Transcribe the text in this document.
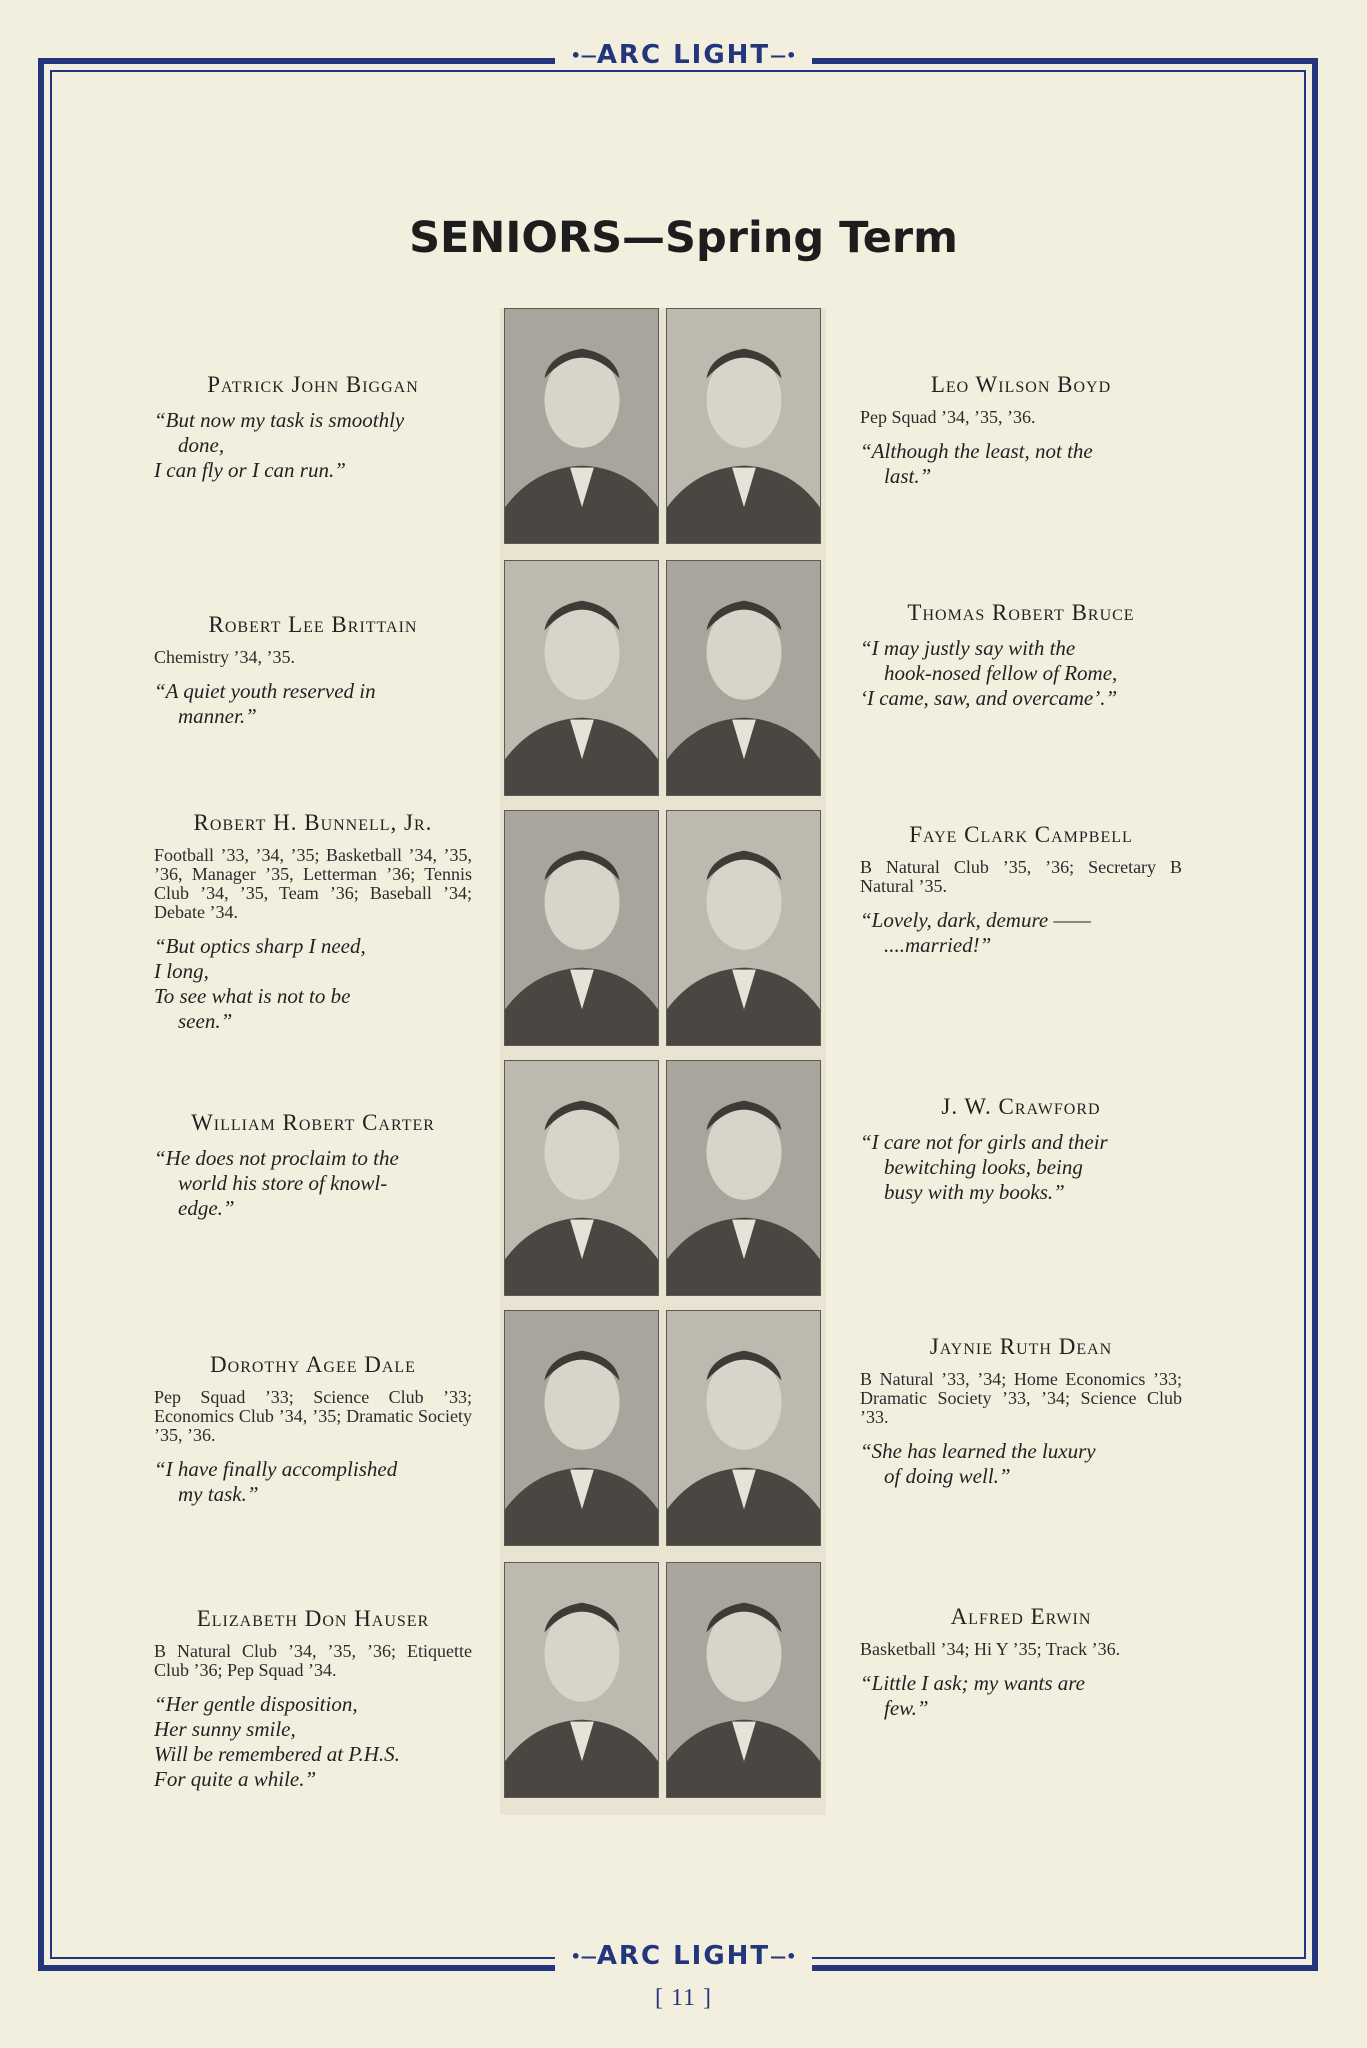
•— ARC LIGHT —•
SENIORS—Spring Term
Patrick John Biggan
“But now my task is smoothly
done,
I can fly or I can run.”
Robert Lee Brittain
Chemistry ’34, ’35.
“A quiet youth reserved in
manner.”
Robert H. Bunnell, Jr.
Football ’33, ’34, ’35; Basketball ’34, ’35, ’36, Manager ’35, Letterman ’36; Tennis Club ’34, ’35, Team ’36; Baseball ’34; Debate ’34.
“But optics sharp I need,
I long,
To see what is not to be
seen.”
William Robert Carter
“He does not proclaim to the
world his store of knowl-
edge.”
Dorothy Agee Dale
Pep Squad ’33; Science Club ’33; Economics Club ’34, ’35; Dramatic Society ’35, ’36.
“I have finally accomplished
my task.”
Elizabeth Don Hauser
B Natural Club ’34, ’35, ’36; Etiquette Club ’36; Pep Squad ’34.
“Her gentle disposition,
Her sunny smile,
Will be remembered at P.H.S.
For quite a while.”
Leo Wilson Boyd
Pep Squad ’34, ’35, ’36.
“Although the least, not the
last.”
Thomas Robert Bruce
“I may justly say with the
hook-nosed fellow of Rome,
‘I came, saw, and overcame’.”
Faye Clark Campbell
B Natural Club ’35, ’36; Secretary B Natural ’35.
“Lovely, dark, demure ——
....married!”
J. W. Crawford
“I care not for girls and their
bewitching looks, being
busy with my books.”
Jaynie Ruth Dean
B Natural ’33, ’34; Home Economics ’33; Dramatic Society ’33, ’34; Science Club ’33.
“She has learned the luxury
of doing well.”
Alfred Erwin
Basketball ’34; Hi Y ’35; Track ’36.
“Little I ask; my wants are
few.”
•— ARC LIGHT —•
[ 11 ]
